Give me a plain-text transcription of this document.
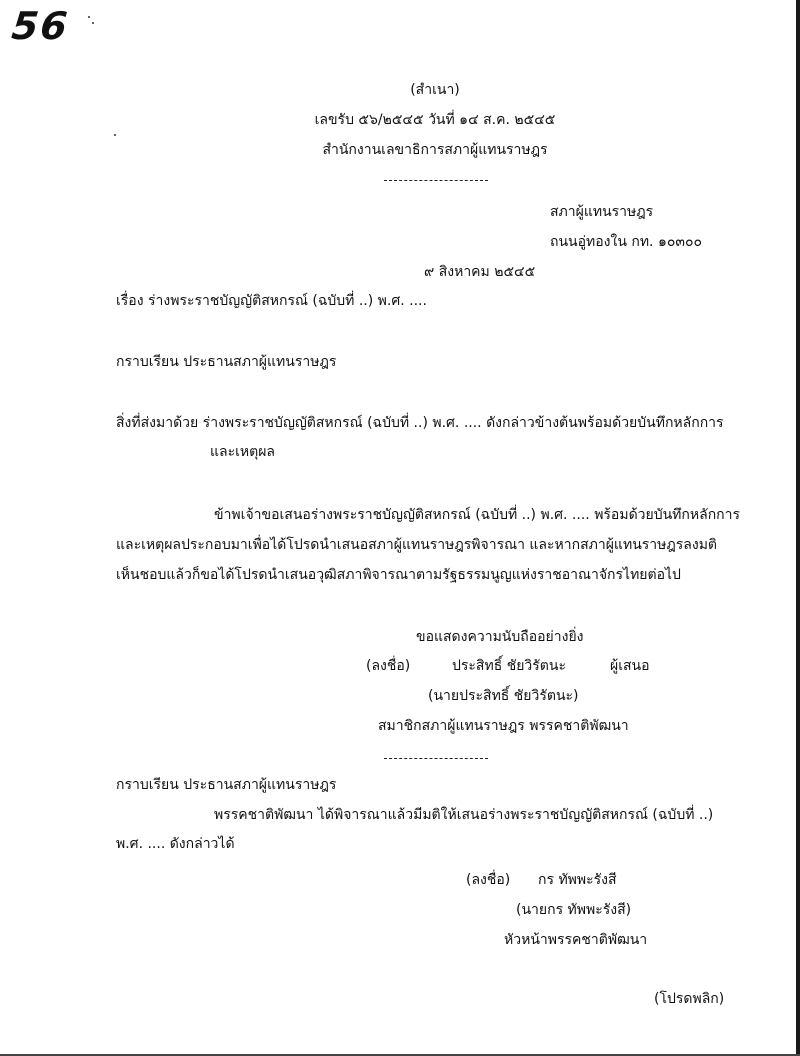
56
(สำเนา)
เลขรับ ๕๖/๒๕๔๕ วันที่ ๑๔ ส.ค. ๒๕๔๕
สำนักงานเลขาธิการสภาผู้แทนราษฎร
สภาผู้แทนราษฎร
ถนนอู่ทองใน กท. ๑๐๓๐๐
๙ สิงหาคม ๒๕๔๕
เรื่อง ร่างพระราชบัญญัติสหกรณ์ (ฉบับที่ ..) พ.ศ. ....
กราบเรียน ประธานสภาผู้แทนราษฎร
สิ่งที่ส่งมาด้วย ร่างพระราชบัญญัติสหกรณ์ (ฉบับที่ ..) พ.ศ. .... ดังกล่าวข้างต้นพร้อมด้วยบันทึกหลักการ
และเหตุผล
ข้าพเจ้าขอเสนอร่างพระราชบัญญัติสหกรณ์ (ฉบับที่ ..) พ.ศ. .... พร้อมด้วยบันทึกหลักการ
และเหตุผลประกอบมาเพื่อได้โปรดนำเสนอสภาผู้แทนราษฎรพิจารณา และหากสภาผู้แทนราษฎรลงมติ
เห็นชอบแล้วก็ขอได้โปรดนำเสนอวุฒิสภาพิจารณาตามรัฐธรรมนูญแห่งราชอาณาจักรไทยต่อไป
ขอแสดงความนับถืออย่างยิ่ง
(ลงชื่อ)	ประสิทธิ์ ชัยวิรัตนะ	ผู้เสนอ
(นายประสิทธิ์ ชัยวิรัตนะ)
สมาชิกสภาผู้แทนราษฎร พรรคชาติพัฒนา
กราบเรียน ประธานสภาผู้แทนราษฎร
พรรคชาติพัฒนา ได้พิจารณาแล้วมีมติให้เสนอร่างพระราชบัญญัติสหกรณ์ (ฉบับที่ ..)
พ.ศ. .... ดังกล่าวได้
(ลงชื่อ) กร ทัพพะรังสี
(นายกร ทัพพะรังสี)
หัวหน้าพรรคชาติพัฒนา
(โปรดพลิก)
